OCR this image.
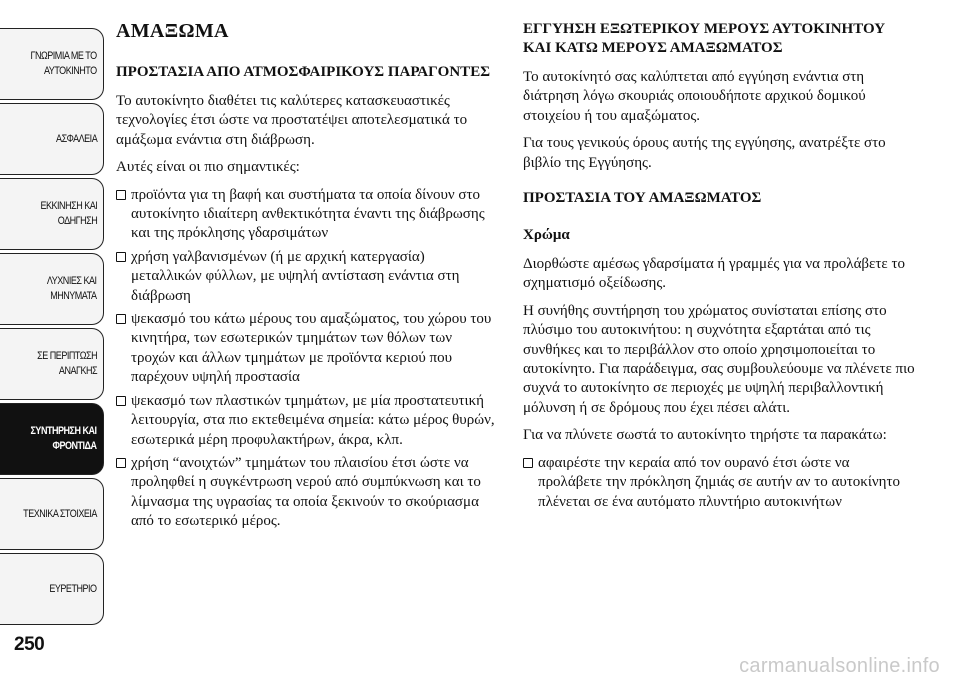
ΓΝΩΡΙΜΙΑ ΜΕ ΤΟ
ΑΥΤΟΚΙΝΗΤΟ
ΑΣΦΑΛΕΙΑ
ΕΚΚΙΝΗΣΗ ΚΑΙ
ΟΔΗΓΗΣΗ
ΛΥΧΝΙΕΣ ΚΑΙ
ΜΗΝΥΜΑΤΑ
ΣΕ ΠΕΡΙΠΤΩΣΗ
ΑΝΑΓΚΗΣ
ΣΥΝΤΗΡΗΣΗ ΚΑΙ
ΦΡΟΝΤΙΔΑ
ΤΕΧΝΙΚΑ ΣΤΟΙΧΕΙΑ
ΕΥΡΕΤΗΡΙΟ
250
ΑΜΑΞΩΜΑ
ΠΡΟΣΤΑΣΙΑ ΑΠΟ ΑΤΜΟΣΦΑΙΡΙΚΟΥΣ ΠΑΡΑΓΟΝΤΕΣ

Το αυτοκίνητο διαθέτει τις καλύτερες κατασκευαστικές τεχνολογίες έτσι ώστε να προστατέψει αποτελεσματικά το αμάξωμα ενάντια στη διάβρωση.

Αυτές είναι οι πιο σημαντικές:

προϊόντα για τη βαφή και συστήματα τα οποία δίνουν στο αυτοκίνητο ιδιαίτερη ανθεκτικότητα έναντι της διάβρωσης και της πρόκλησης γδαρσιμάτων
χρήση γαλβανισμένων (ή με αρχική κατεργασία) μεταλλικών φύλλων, με υψηλή αντίσταση ενάντια στη διάβρωση
ψεκασμό του κάτω μέρους του αμαξώματος, του χώρου του κινητήρα, των εσωτερικών τμημάτων των θόλων των τροχών και άλλων τμημάτων με προϊόντα κεριού που παρέχουν υψηλή προστασία
ψεκασμό των πλαστικών τμημάτων, με μία προστατευτική λειτουργία, στα πιο εκτεθειμένα σημεία: κάτω μέρος θυρών, εσωτερικά μέρη προφυλακτήρων, άκρα, κλπ.
χρήση “ανοιχτών” τμημάτων του πλαισίου έτσι ώστε να προληφθεί η συγκέντρωση νερού από συμπύκνωση και το λίμνασμα της υγρασίας τα οποία ξεκινούν το σκούριασμα από το εσωτερικό μέρος.
ΕΓΓΥΗΣΗ ΕΞΩΤΕΡΙΚΟΥ ΜΕΡΟΥΣ ΑΥΤΟΚΙΝΗΤΟΥ ΚΑΙ ΚΑΤΩ ΜΕΡΟΥΣ ΑΜΑΞΩΜΑΤΟΣ

Το αυτοκίνητό σας καλύπτεται από εγγύηση ενάντια στη διάτρηση λόγω σκουριάς οποιουδήποτε αρχικού δομικού στοιχείου ή του αμαξώματος.

Για τους γενικούς όρους αυτής της εγγύησης, ανατρέξτε στο βιβλίο της Εγγύησης.

ΠΡΟΣΤΑΣΙΑ ΤΟΥ ΑΜΑΞΩΜΑΤΟΣ
Χρώμα

Διορθώστε αμέσως γδαρσίματα ή γραμμές για να προλάβετε το σχηματισμό οξείδωσης.

Η συνήθης συντήρηση του χρώματος συνίσταται επίσης στο πλύσιμο του αυτοκινήτου: η συχνότητα εξαρτάται από τις συνθήκες και το περιβάλλον στο οποίο χρησιμοποιείται το αυτοκίνητο. Για παράδειγμα, σας συμβουλεύουμε να πλένετε πιο συχνά το αυτοκίνητο σε περιοχές με υψηλή περιβαλλοντική μόλυνση ή σε δρόμους που έχει πέσει αλάτι.

Για να πλύνετε σωστά το αυτοκίνητο τηρήστε τα παρακάτω:

αφαιρέστε την κεραία από τον ουρανό έτσι ώστε να προλάβετε την πρόκληση ζημιάς σε αυτήν αν το αυτοκίνητο πλένεται σε ένα αυτόματο πλυντήριο αυτοκινήτων
carmanualsonline.info
